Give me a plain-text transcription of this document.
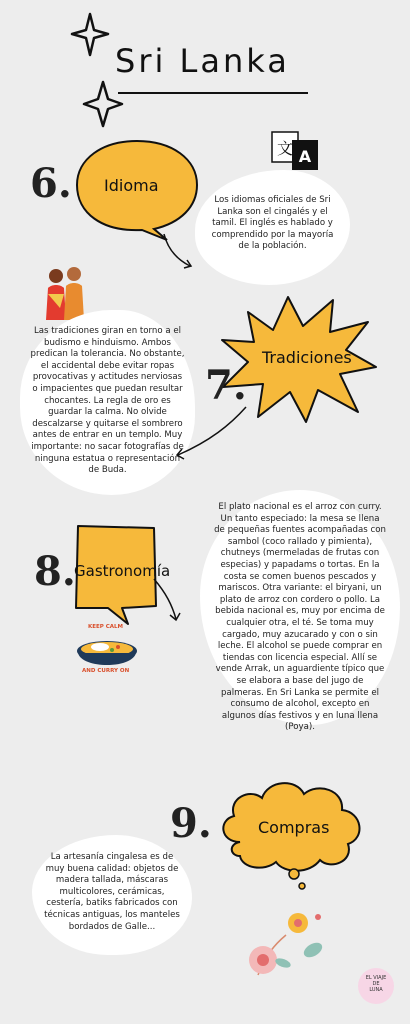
Sri Lanka
6. Idioma
文 A
Los idiomas oficiales de Sri Lanka son el cingalés y el tamil. El inglés es hablado y comprendido por la mayoría de la población.
Las tradiciones giran en torno a el budismo e hinduismo. Ambos predican la tolerancia. No obstante, el accidental debe evitar ropas provocativas y actitudes nerviosas o impacientes que puedan resultar chocantes. La regla de oro es guardar la calma. No olvide descalzarse y quitarse el sombrero antes de entrar en un templo. Muy importante: no sacar fotografías de ninguna estatua o representación de Buda.
Tradiciones
7.
El plato nacional es el arroz con curry. Un tanto especiado: la mesa se llena de pequeñas fuentes acompañadas con sambol (coco rallado y pimienta), chutneys (mermeladas de frutas con especias) y papadams o tortas. En la costa se comen buenos pescados y mariscos. Otra variante: el biryani, un plato de arroz con cordero o pollo. La bebida nacional es, muy por encima de cualquier otra, el té. Se toma muy cargado, muy azucarado y con o sin leche. El alcohol se puede comprar en tiendas con licencia especial. Allí se vende Arrak, un aguardiente típico que se elabora a base del jugo de palmeras. En Sri Lanka se permite el consumo de alcohol, excepto en algunos días festivos y en luna llena (Poya).
8.
Gastronomía
KEEP CALM
AND CURRY ON
9.	Compras
La artesanía cingalesa es de muy buena calidad: objetos de madera tallada, máscaras multicolores, cerámicas, cestería, batiks fabricados con técnicas antiguas, los manteles bordados de Galle...
EL VIAJE
DE
LUNA
